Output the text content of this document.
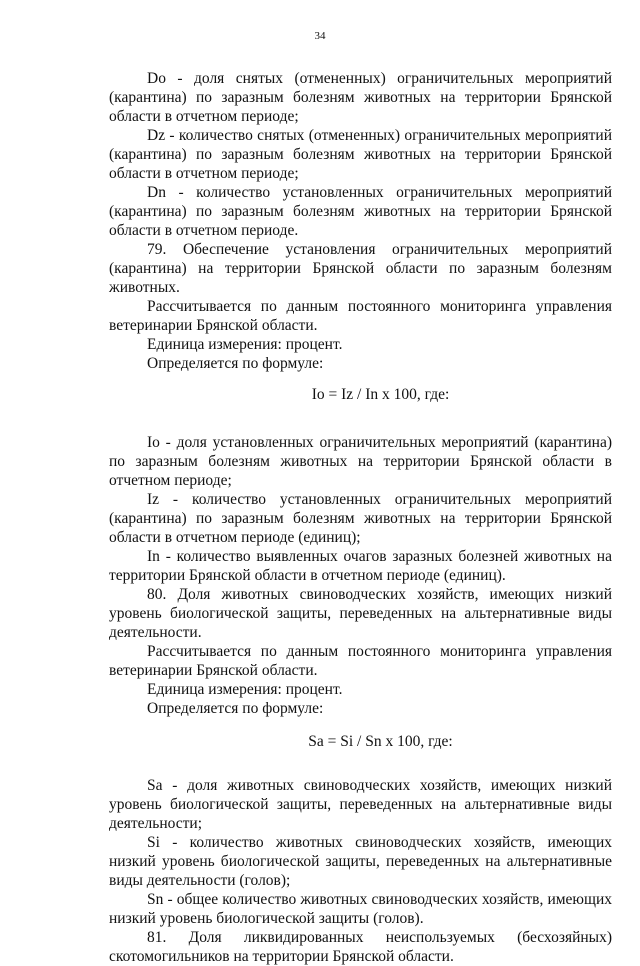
34

Do - доля снятых (отмененных) ограничительных мероприятий (карантина) по заразным болезням животных на территории Брянской области в отчетном периоде;

Dz - количество снятых (отмененных) ограничительных мероприятий (карантина) по заразным болезням животных на территории Брянской области в отчетном периоде;

Dn - количество установленных ограничительных мероприятий (карантина) по заразным болезням животных на территории Брянской области в отчетном периоде.

79. Обеспечение установления ограничительных мероприятий (карантина) на территории Брянской области по заразным болезням животных.

Рассчитывается по данным постоянного мониторинга управления ветеринарии Брянской области.

Единица измерения: процент.

Определяется по формуле:

Io = Iz / In x 100, где:

Io - доля установленных ограничительных мероприятий (карантина) по заразным болезням животных на территории Брянской области в отчетном периоде;

Iz - количество установленных ограничительных мероприятий (карантина) по заразным болезням животных на территории Брянской области в отчетном периоде (единиц);

In - количество выявленных очагов заразных болезней животных на территории Брянской области в отчетном периоде (единиц).

80. Доля животных свиноводческих хозяйств, имеющих низкий уровень биологической защиты, переведенных на альтернативные виды деятельности.

Рассчитывается по данным постоянного мониторинга управления ветеринарии Брянской области.

Единица измерения: процент.

Определяется по формуле:

Sa = Si / Sn x 100, где:

Sa - доля животных свиноводческих хозяйств, имеющих низкий уровень биологической защиты, переведенных на альтернативные виды деятельности;

Si - количество животных свиноводческих хозяйств, имеющих низкий уровень биологической защиты, переведенных на альтернативные виды деятельности (голов);

Sn - общее количество животных свиноводческих хозяйств, имеющих низкий уровень биологической защиты (голов).

81. Доля ликвидированных неиспользуемых (бесхозяйных) скотомогильников на территории Брянской области.
